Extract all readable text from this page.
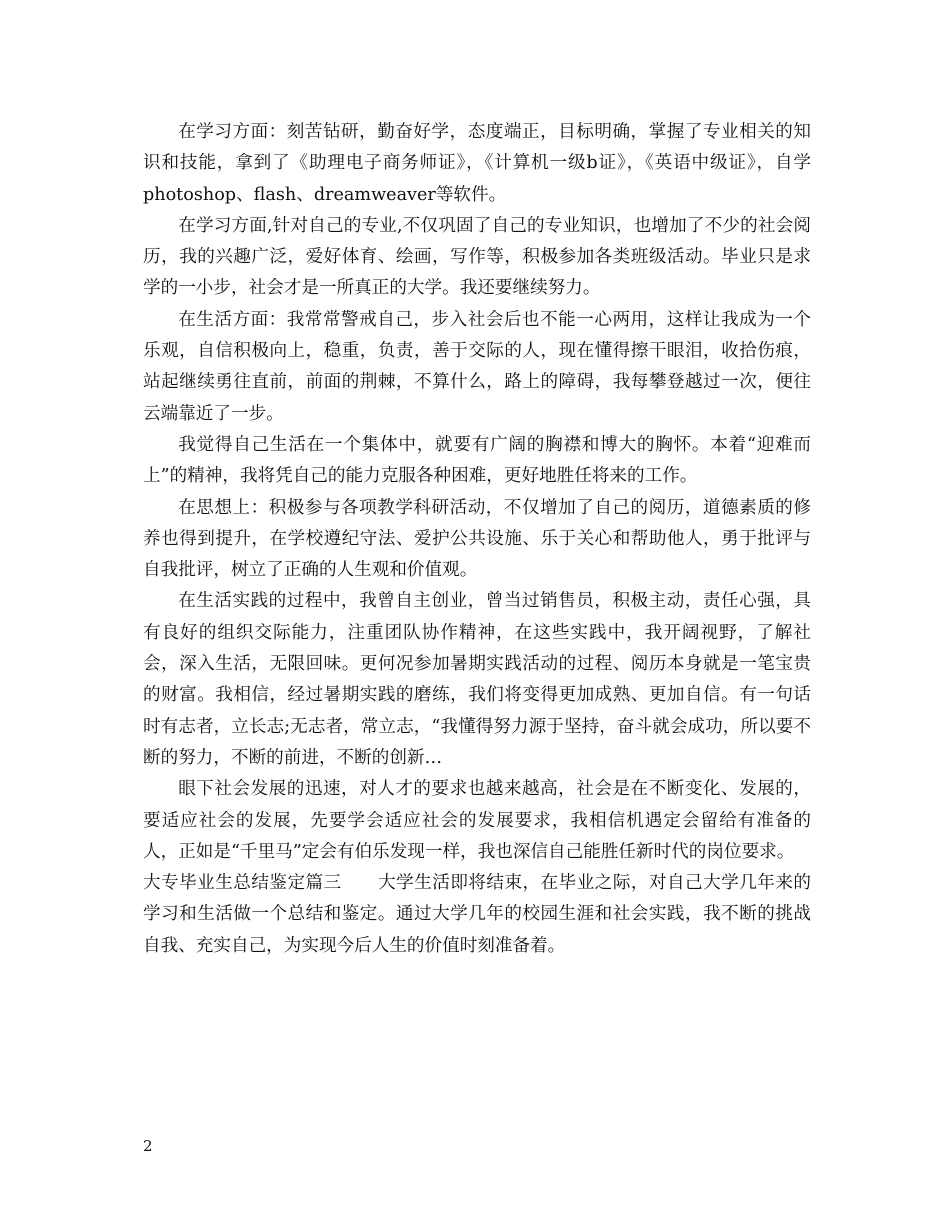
在学习方面：刻苦钻研，勤奋好学，态度端正，目标明确，掌握了专业相关的知识和技能，拿到了《助理电子商务师证》，《计算机一级b证》，《英语中级证》，自学photoshop、flash、dreamweaver等软件。

在学习方面,针对自己的专业,不仅巩固了自己的专业知识，也增加了不少的社会阅历，我的兴趣广泛，爱好体育、绘画，写作等，积极参加各类班级活动。毕业只是求学的一小步，社会才是一所真正的大学。我还要继续努力。

在生活方面：我常常警戒自己，步入社会后也不能一心两用，这样让我成为一个乐观，自信积极向上，稳重，负责，善于交际的人，现在懂得擦干眼泪，收拾伤痕，站起继续勇往直前，前面的荆棘，不算什么，路上的障碍，我每攀登越过一次，便往云端靠近了一步。

我觉得自己生活在一个集体中，就要有广阔的胸襟和博大的胸怀。本着“迎难而上”的精神，我将凭自己的能力克服各种困难，更好地胜任将来的工作。

在思想上：积极参与各项教学科研活动，不仅增加了自己的阅历，道德素质的修养也得到提升，在学校遵纪守法、爱护公共设施、乐于关心和帮助他人，勇于批评与自我批评，树立了正确的人生观和价值观。

在生活实践的过程中，我曾自主创业，曾当过销售员，积极主动，责任心强，具有良好的组织交际能力，注重团队协作精神，在这些实践中，我开阔视野，了解社会，深入生活，无限回味。更何况参加暑期实践活动的过程、阅历本身就是一笔宝贵的财富。我相信，经过暑期实践的磨练，我们将变得更加成熟、更加自信。有一句话时有志者，立长志;无志者，常立志，“我懂得努力源于坚持，奋斗就会成功，所以要不断的努力，不断的前进，不断的创新…

眼下社会发展的迅速，对人才的要求也越来越高，社会是在不断变化、发展的，要适应社会的发展，先要学会适应社会的发展要求，我相信机遇定会留给有准备的人，正如是“千里马”定会有伯乐发现一样，我也深信自己能胜任新时代的岗位要求。

大专毕业生总结鉴定篇三 大学生活即将结束，在毕业之际，对自己大学几年来的学习和生活做一个总结和鉴定。通过大学几年的校园生涯和社会实践，我不断的挑战自我、充实自己，为实现今后人生的价值时刻准备着。

2
